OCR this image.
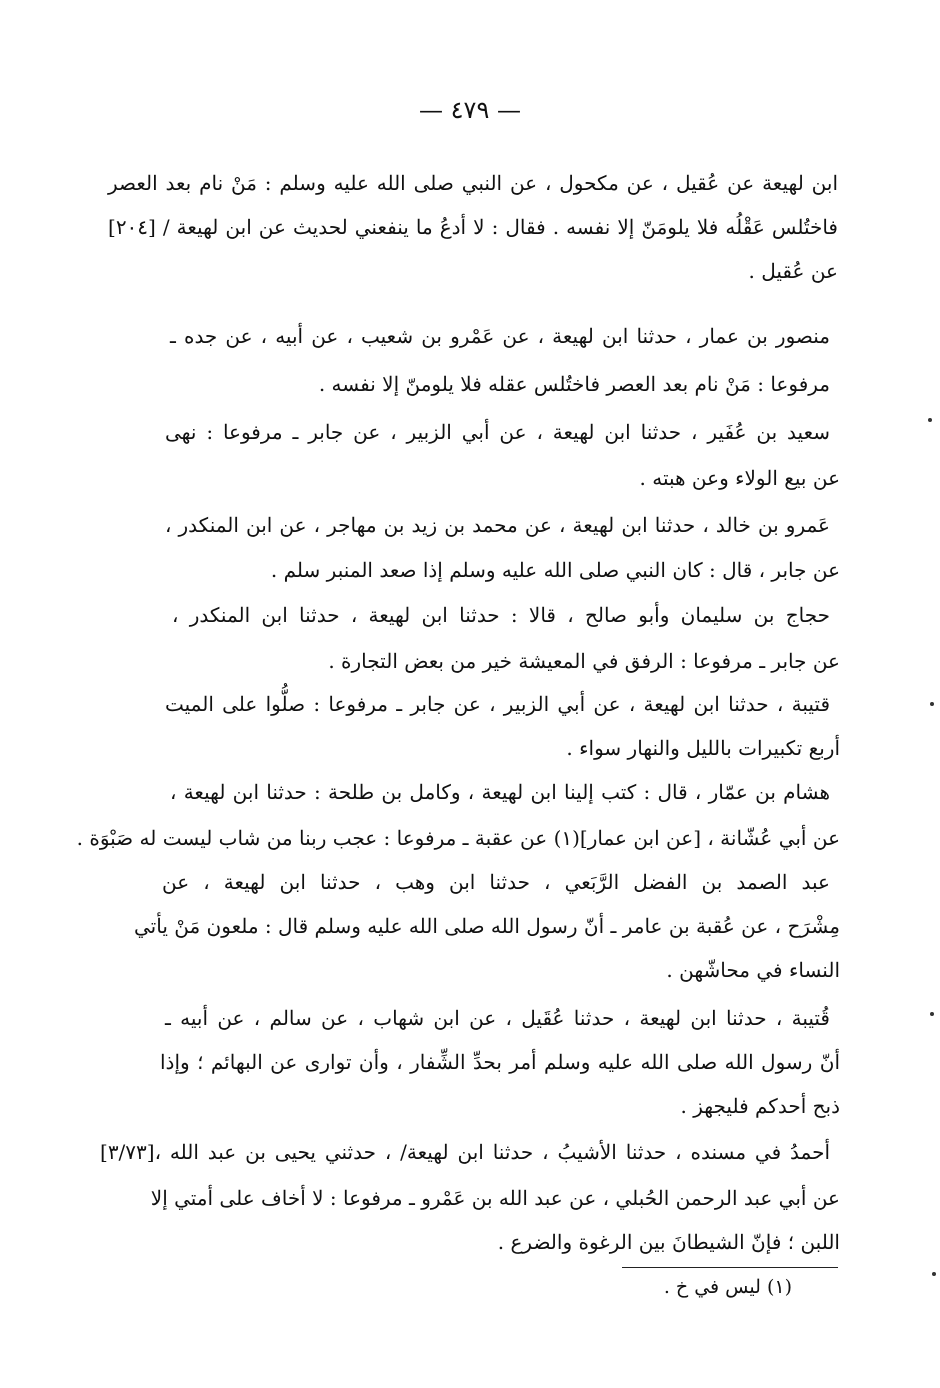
— ٤٧٩ —
ابن لهيعة عن عُقيل ، عن مكحول ، عن النبي صلى الله عليه وسلم : مَنْ نام بعد العصر
فاختُلس عَقْلُه فلا يلومَنّ إلا نفسه . فقال : لا أدعُ ما ينفعني لحديث عن ابن لهيعة / [٢٠٤]
عن عُقيل .
منصور بن عمار ، حدثنا ابن لهيعة ، عن عَمْرو بن شعيب ، عن أبيه ، عن جده ـ
مرفوعا : مَنْ نام بعد العصر فاختُلس عقله فلا يلومنّ إلا نفسه .
سعيد بن عُفَير ، حدثنا ابن لهيعة ، عن أبي الزبير ، عن جابر ـ مرفوعا : نهى
عن بيع الولاء وعن هبته .
عَمرو بن خالد ، حدثنا ابن لهيعة ، عن محمد بن زيد بن مهاجر ، عن ابن المنكدر ،
عن جابر ، قال : كان النبي صلى الله عليه وسلم إذا صعد المنبر سلم .
حجاج بن سليمان وأبو صالح ، قالا : حدثنا ابن لهيعة ، حدثنا ابن المنكدر ،
عن جابر ـ مرفوعا : الرفق في المعيشة خير من بعض التجارة .
قتيبة ، حدثنا ابن لهيعة ، عن أبي الزبير ، عن جابر ـ مرفوعا : صلُّوا على الميت
أربع تكبيرات بالليل والنهار سواء .
هشام بن عمّار ، قال : كتب إلينا ابن لهيعة ، وكامل بن طلحة : حدثنا ابن لهيعة ،
عن أبي عُشّانة ، [عن ابن عمار](١) عن عقبة ـ مرفوعا : عجب ربنا من شاب ليست له صَبْوَة .
عبد الصمد بن الفضل الرَّبَعي ، حدثنا ابن وهب ، حدثنا ابن لهيعة ، عن
مِشْرَح ، عن عُقبة بن عامر ـ أنّ رسول الله صلى الله عليه وسلم قال : ملعون مَنْ يأتي
النساء في محاشّهن .
قُتيبة ، حدثنا ابن لهيعة ، حدثنا عُقَيل ، عن ابن شهاب ، عن سالم ، عن أبيه ـ
أنّ رسول الله صلى الله عليه وسلم أمر بحدِّ الشِّفار ، وأن توارى عن البهائم ؛ وإذا
ذبح أحدكم فليجهز .
أحمدُ في مسنده ، حدثنا الأشيبُ ، حدثنا ابن لهيعة/ ، حدثني يحيى بن عبد الله ،[٣/٧٣]
عن أبي عبد الرحمن الحُبلي ، عن عبد الله بن عَمْرو ـ مرفوعا : لا أخاف على أمتي إلا
اللبن ؛ فإنّ الشيطانَ بين الرغوة والضرع .
(١) ليس في خ .
